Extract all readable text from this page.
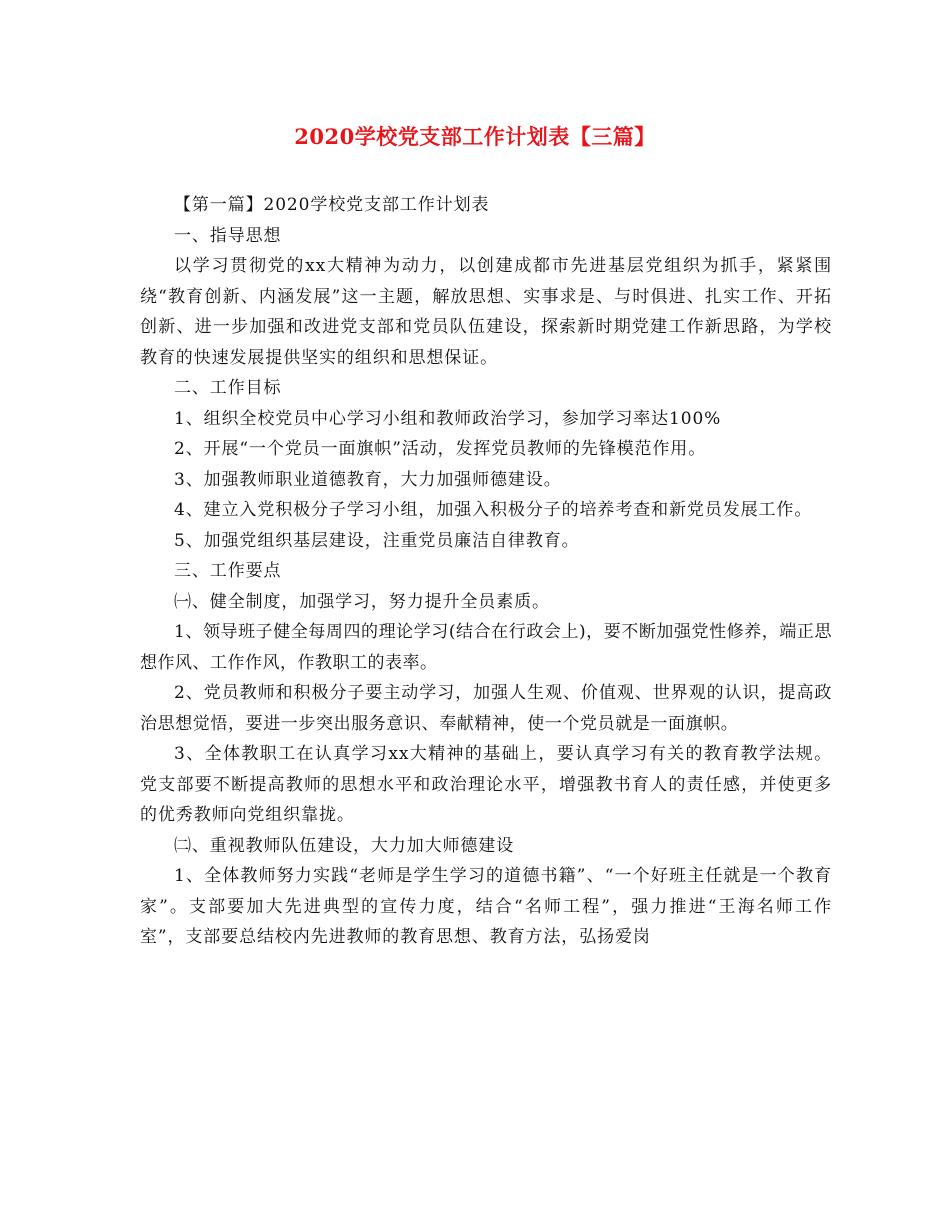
2020学校党支部工作计划表【三篇】

【第一篇】2020学校党支部工作计划表

一、指导思想

以学习贯彻党的xx大精神为动力，以创建成都市先进基层党组织为抓手，紧紧围绕“教育创新、内涵发展”这一主题，解放思想、实事求是、与时俱进、扎实工作、开拓创新、进一步加强和改进党支部和党员队伍建设，探索新时期党建工作新思路，为学校教育的快速发展提供坚实的组织和思想保证。

二、工作目标

1、组织全校党员中心学习小组和教师政治学习，参加学习率达100%

2、开展“一个党员一面旗帜”活动，发挥党员教师的先锋模范作用。

3、加强教师职业道德教育，大力加强师德建设。

4、建立入党积极分子学习小组，加强入积极分子的培养考查和新党员发展工作。

5、加强党组织基层建设，注重党员廉洁自律教育。

三、工作要点

㈠、健全制度，加强学习，努力提升全员素质。

1、领导班子健全每周四的理论学习(结合在行政会上)，要不断加强党性修养，端正思想作风、工作作风，作教职工的表率。

2、党员教师和积极分子要主动学习，加强人生观、价值观、世界观的认识，提高政治思想觉悟，要进一步突出服务意识、奉献精神，使一个党员就是一面旗帜。

3、全体教职工在认真学习xx大精神的基础上，要认真学习有关的教育教学法规。党支部要不断提高教师的思想水平和政治理论水平，增强教书育人的责任感，并使更多的优秀教师向党组织靠拢。

㈡、重视教师队伍建设，大力加大师德建设

1、全体教师努力实践“老师是学生学习的道德书籍”、“一个好班主任就是一个教育家”。支部要加大先进典型的宣传力度，结合“名师工程”，强力推进“王海名师工作室”，支部要总结校内先进教师的教育思想、教育方法，弘扬爱岗
